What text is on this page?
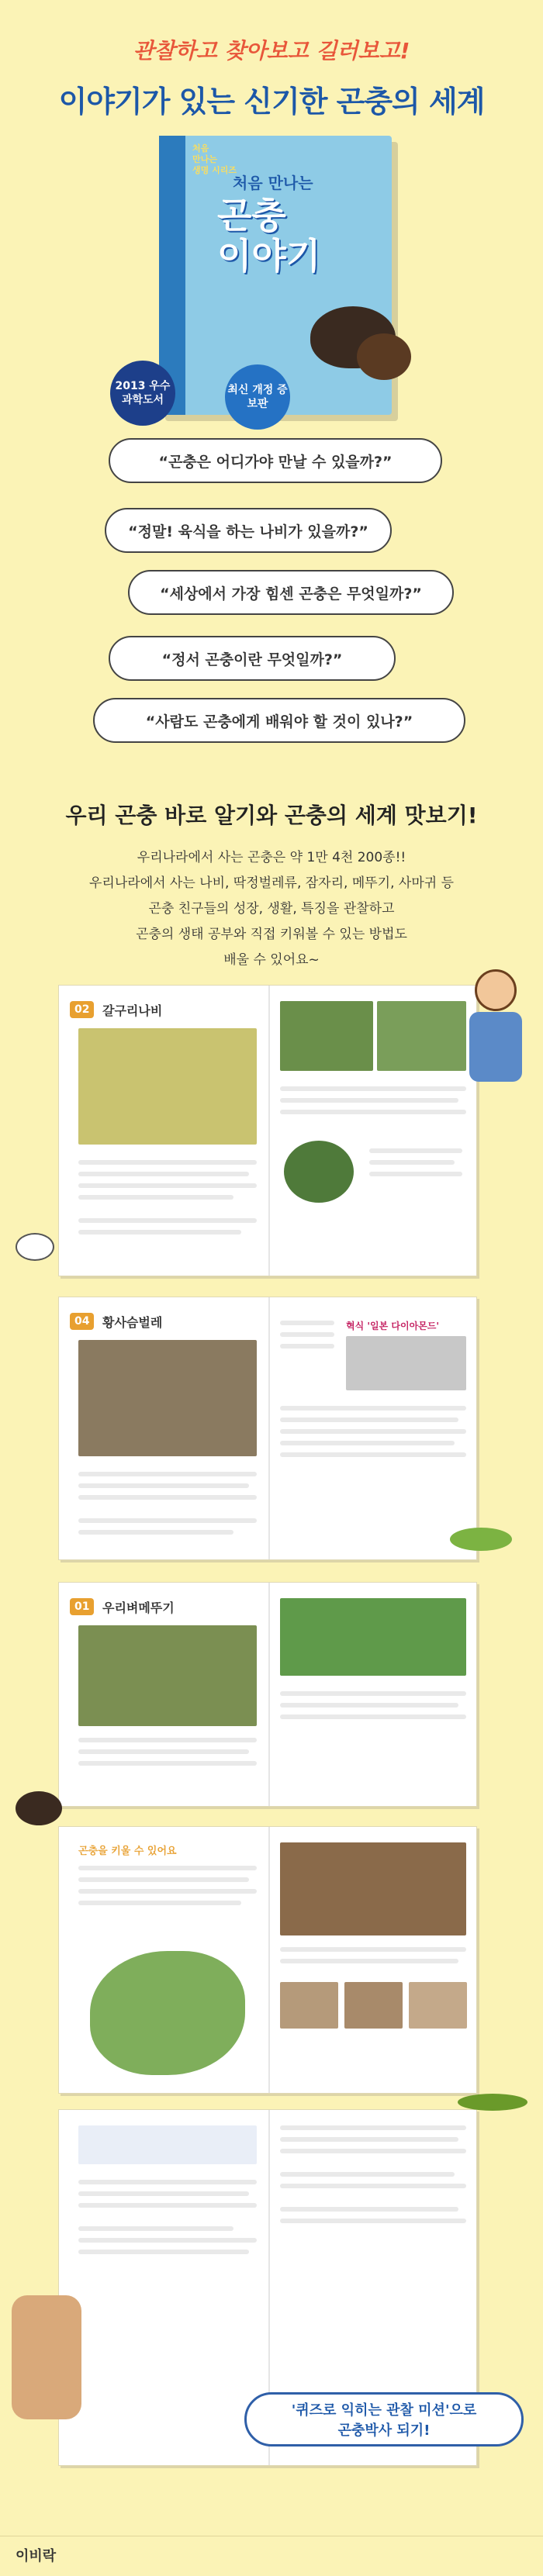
관찰하고 찾아보고 길러보고!
이야기가 있는 신기한 곤충의 세계
처음
만나는
생명 시리즈
처음 만나는
곤충
이야기
2013 우수 과학도서
최신 개정 증보판
“곤충은 어디가야 만날 수 있을까?”
“정말! 육식을 하는 나비가 있을까?”
“세상에서 가장 힘센 곤충은 무엇일까?”
“정서 곤충이란 무엇일까?”
“사람도 곤충에게 배워야 할 것이 있나?”
우리 곤충 바로 알기와 곤충의 세계 맛보기!
우리나라에서 사는 곤충은 약 1만 4천 200종!!
우리나라에서 사는 나비, 딱정벌레류, 잠자리, 메뚜기, 사마귀 등
곤충 친구들의 성장, 생활, 특징을 관찰하고
곤충의 생태 공부와 직접 키워볼 수 있는 방법도
배울 수 있어요~
02	갈구리나비
04	황사슴벌레	혁식 '일본 다이아몬드'
01	우리벼메뚜기
곤충을 키울 수 있어요
'퀴즈로 익히는 관찰 미션'으로
곤충박사 되기!
이비락
